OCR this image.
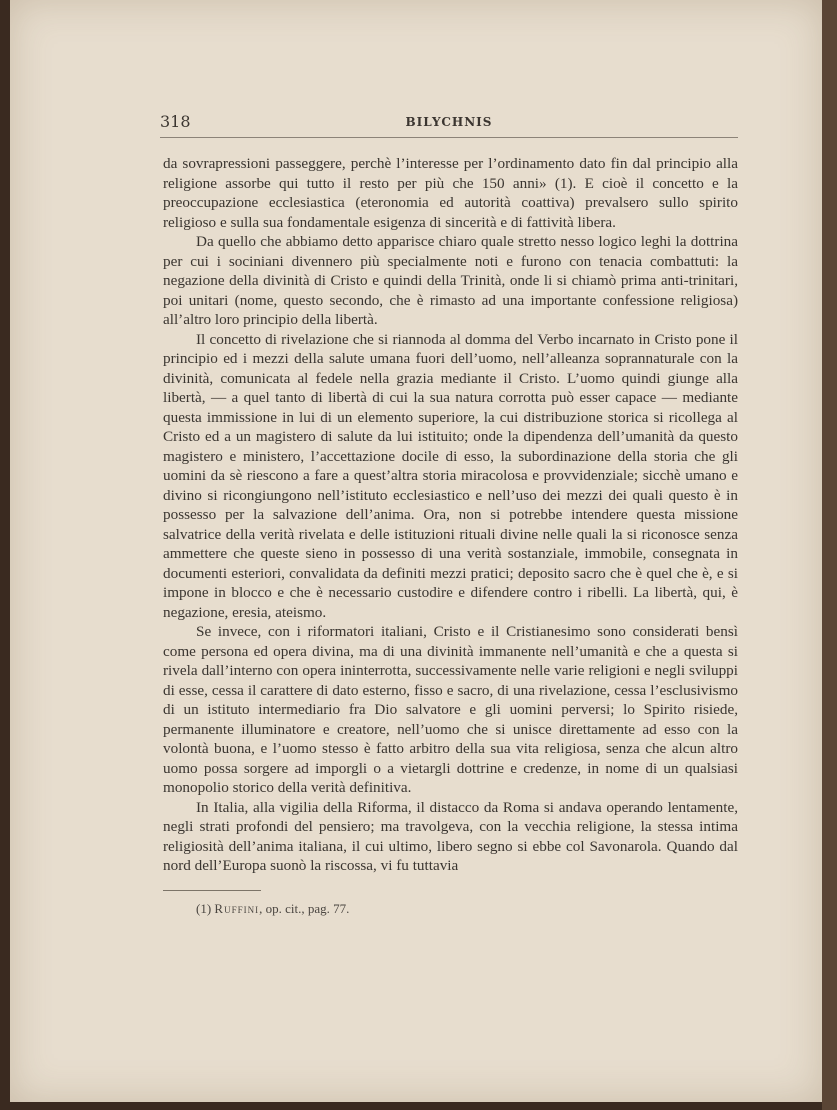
318	BILYCHNIS

da sovrapressioni passeggere, perchè l’interesse per l’ordinamento dato fin dal principio alla religione assorbe qui tutto il resto per più che 150 anni» (1). E cioè il concetto e la preoccupazione ecclesiastica (eteronomia ed autorità coattiva) prevalsero sullo spirito religioso e sulla sua fondamentale esigenza di sincerità e di fattività libera.

Da quello che abbiamo detto apparisce chiaro quale stretto nesso logico leghi la dottrina per cui i sociniani divennero più specialmente noti e furono con tenacia combattuti: la negazione della divinità di Cristo e quindi della Trinità, onde li si chiamò prima anti-trinitari, poi unitari (nome, questo secondo, che è rimasto ad una importante confessione religiosa) all’altro loro principio della libertà.

Il concetto di rivelazione che si riannoda al domma del Verbo incarnato in Cristo pone il principio ed i mezzi della salute umana fuori dell’uomo, nell’alleanza soprannaturale con la divinità, comunicata al fedele nella grazia mediante il Cristo. L’uomo quindi giunge alla libertà, — a quel tanto di libertà di cui la sua natura corrotta può esser capace — mediante questa immissione in lui di un elemento superiore, la cui distribuzione storica si ricollega al Cristo ed a un magistero di salute da lui istituito; onde la dipendenza dell’umanità da questo magistero e ministero, l’accettazione docile di esso, la subordinazione della storia che gli uomini da sè riescono a fare a quest’altra storia miracolosa e provvidenziale; sicchè umano e divino si ricongiungono nell’istituto ecclesiastico e nell’uso dei mezzi dei quali questo è in possesso per la salvazione dell’anima. Ora, non si potrebbe intendere questa missione salvatrice della verità rivelata e delle istituzioni rituali divine nelle quali la si riconosce senza ammettere che queste sieno in possesso di una verità sostanziale, immobile, consegnata in documenti esteriori, convalidata da definiti mezzi pratici; deposito sacro che è quel che è, e si impone in blocco e che è necessario custodire e difendere contro i ribelli. La libertà, qui, è negazione, eresia, ateismo.

Se invece, con i riformatori italiani, Cristo e il Cristianesimo sono considerati bensì come persona ed opera divina, ma di una divinità immanente nell’umanità e che a questa si rivela dall’interno con opera ininterrotta, successivamente nelle varie religioni e negli sviluppi di esse, cessa il carattere di dato esterno, fisso e sacro, di una rivelazione, cessa l’esclusivismo di un istituto intermediario fra Dio salvatore e gli uomini perversi; lo Spirito risiede, permanente illuminatore e creatore, nell’uomo che si unisce direttamente ad esso con la volontà buona, e l’uomo stesso è fatto arbitro della sua vita religiosa, senza che alcun altro uomo possa sorgere ad imporgli o a vietargli dottrine e credenze, in nome di un qualsiasi monopolio storico della verità definitiva.

In Italia, alla vigilia della Riforma, il distacco da Roma si andava operando lentamente, negli strati profondi del pensiero; ma travolgeva, con la vecchia religione, la stessa intima religiosità dell’anima italiana, il cui ultimo, libero segno si ebbe col Savonarola. Quando dal nord dell’Europa suonò la riscossa, vi fu tuttavia

(1) Ruffini, op. cit., pag. 77.
